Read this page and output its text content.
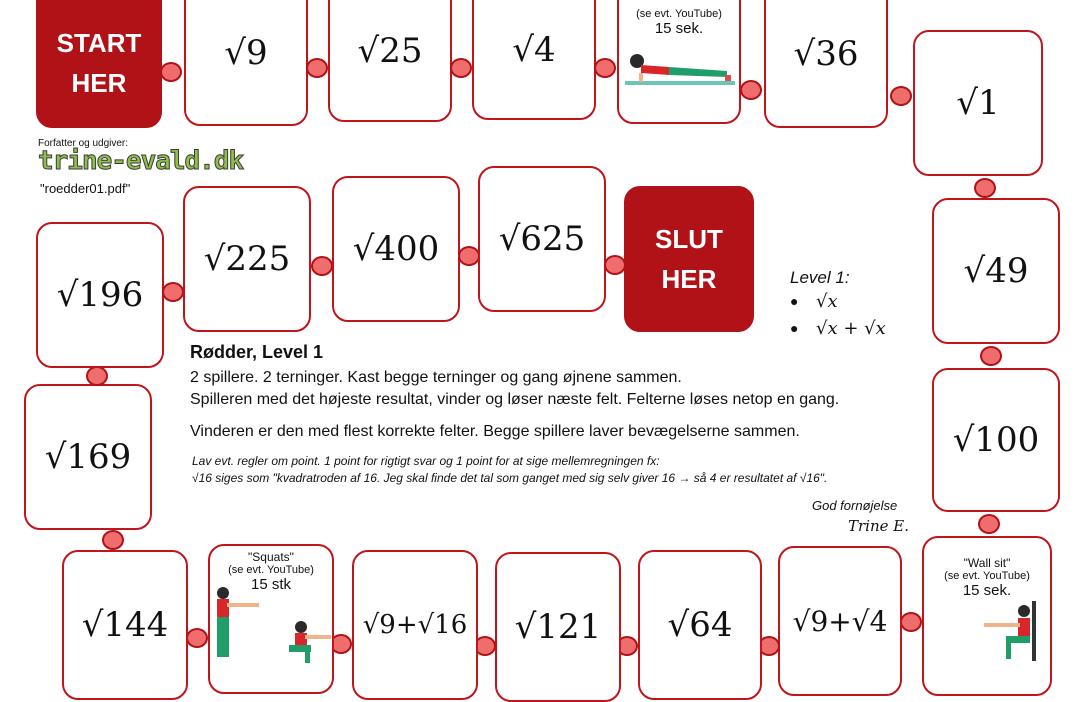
START
HER
√9	√25	√4
(se evt. YouTube)
15 sek.
√36
√1
√49
√100
"Wall sit"
(se evt. YouTube)
15 sek.
√9+√4
√64
√121
√9+√16
"Squats"
(se evt. YouTube)
15 stk
√144
√169
√196
√225	√400	√625	SLUT
HER
Forfatter og udgiver:
trine-evald.dk
"roedder01.pdf"
Level 1:
● √x
● √x + √x
Rødder, Level 1
2 spillere. 2 terninger. Kast begge terninger og gang øjnene sammen.
Spilleren med det højeste resultat, vinder og løser næste felt. Felterne løses netop en gang.
Vinderen er den med flest korrekte felter. Begge spillere laver bevægelserne sammen.
Lav evt. regler om point. 1 point for rigtigt svar og 1 point for at sige mellemregningen fx:
√16 siges som "kvadratroden af 16. Jeg skal finde det tal som ganget med sig selv giver 16 → så 4 er resultatet af √16".
God fornøjelse
Trine E.
